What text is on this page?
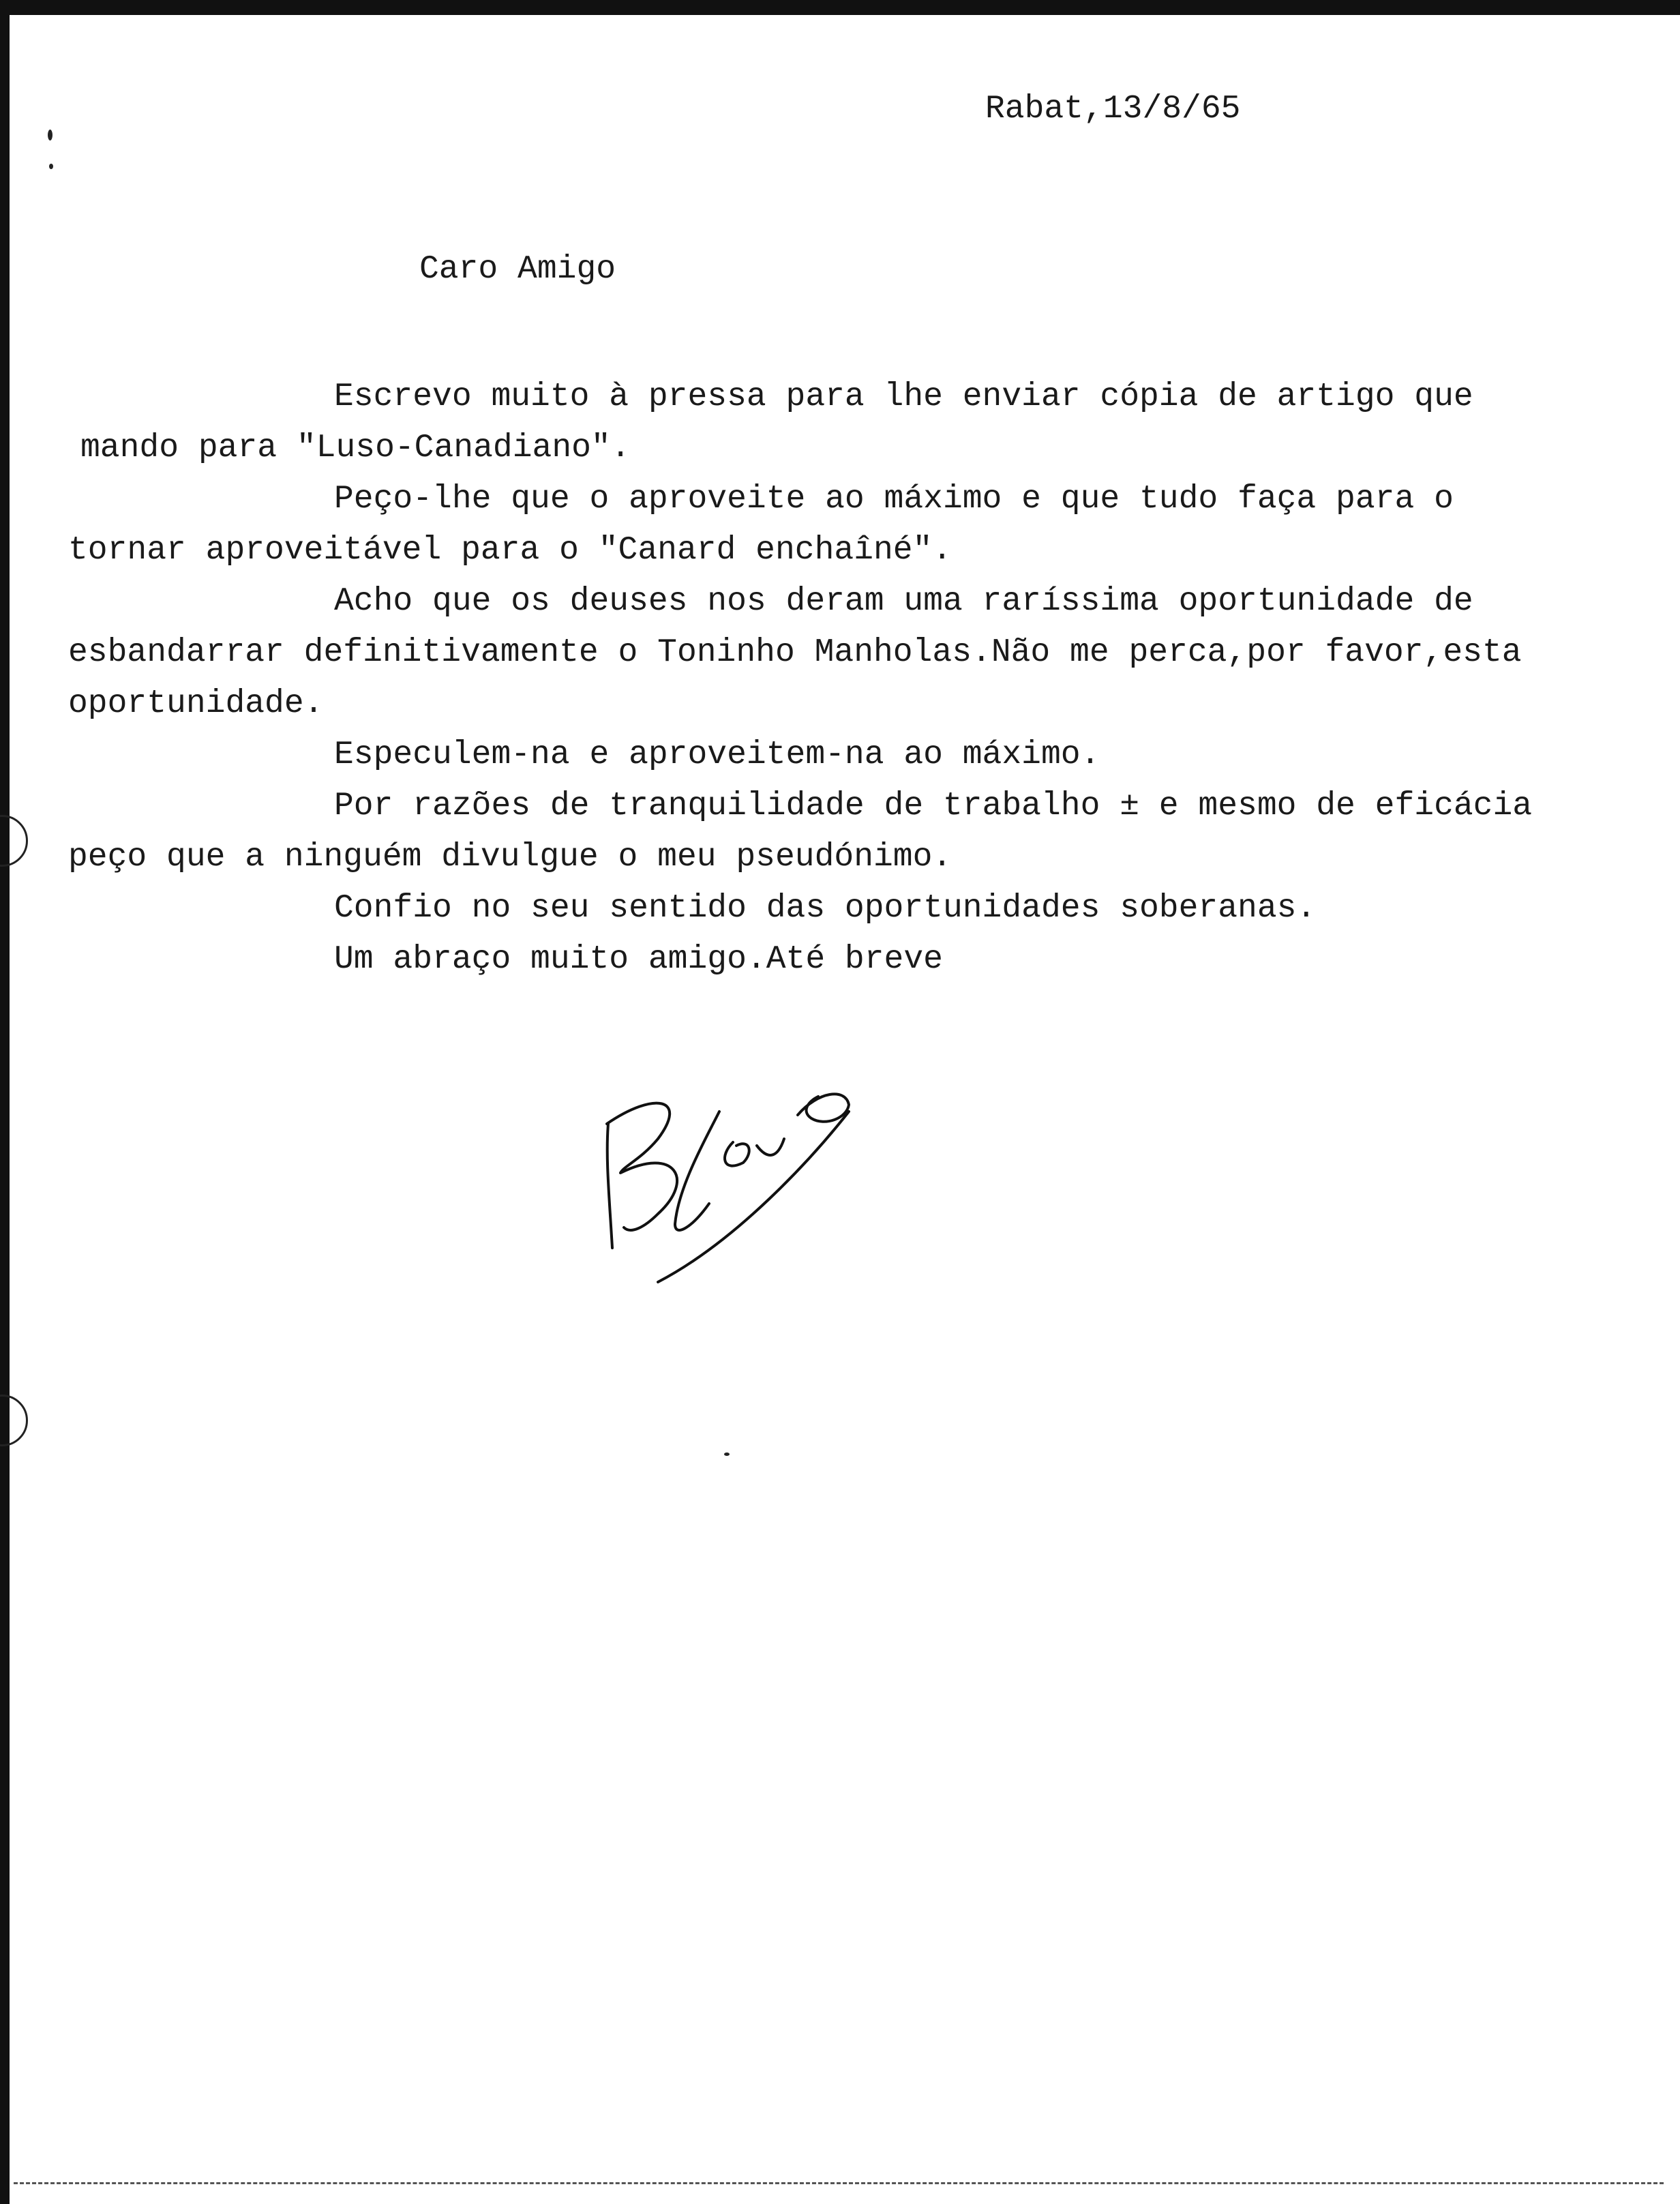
Rabat,13/8/65
Caro Amigo
Escrevo muito à pressa para lhe enviar cópia de artigo que
mando para "Luso-Canadiano".
Peço-lhe que o aproveite ao máximo e que tudo faça para o
tornar aproveitável para o "Canard enchaîné".
Acho que os deuses nos deram uma raríssima oportunidade de
esbandarrar definitivamente o Toninho Manholas.Não me perca,por favor,esta
oportunidade.
Especulem-na e aproveitem-na ao máximo.
Por razões de tranquilidade de trabalho ± e mesmo de eficácia
peço que a ninguém divulgue o meu pseudónimo.
Confio no seu sentido das oportunidades soberanas.
Um abraço muito amigo.Até breve
